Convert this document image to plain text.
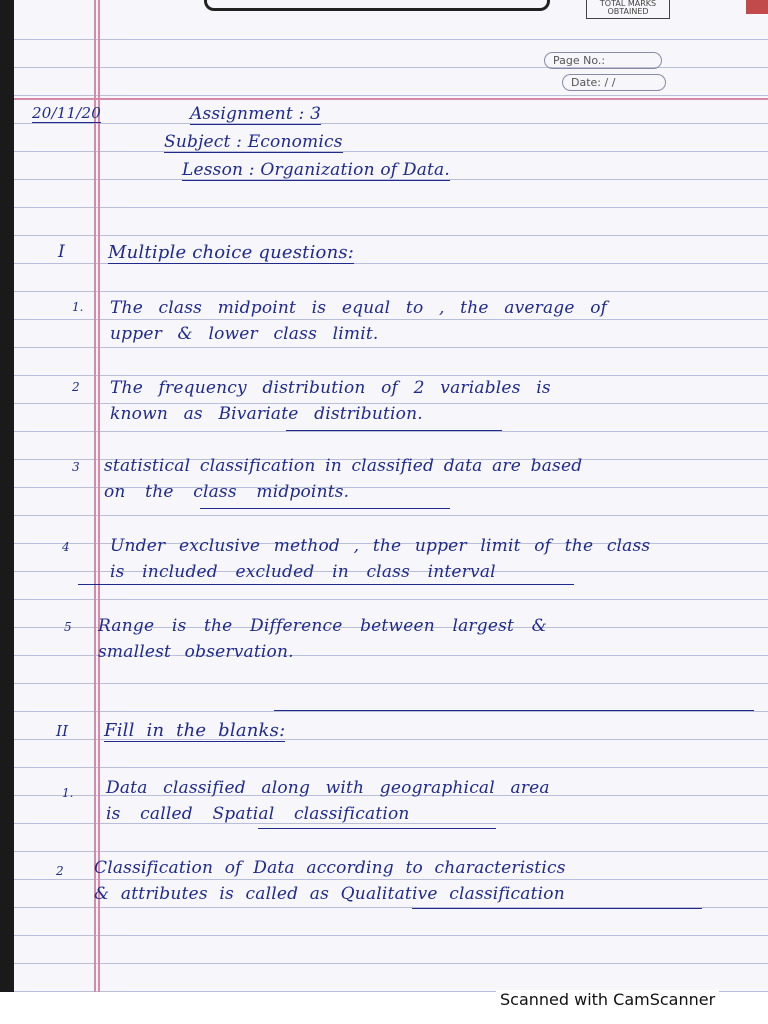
TOTAL MARKS OBTAINED
Page No.:
Date: / /
20/11/20	Assignment : 3
Subject : Economics
Lesson : Organization of Data.
I Multiple choice questions:
1. The class midpoint is equal to , the average of
upper & lower class limit.
2 The frequency distribution of 2 variables is
known as Bivariate distribution.
3 statistical classification in classified data are based
on the class midpoints.
4 Under exclusive method , the upper limit of the class
is included excluded in class interval
5 Range is the Difference between largest &
smallest observation.
II Fill in the blanks:
1. Data classified along with geographical area
is called Spatial classification
2 Classification of Data according to characteristics
& attributes is called as Qualitative classification
Scanned with CamScanner
